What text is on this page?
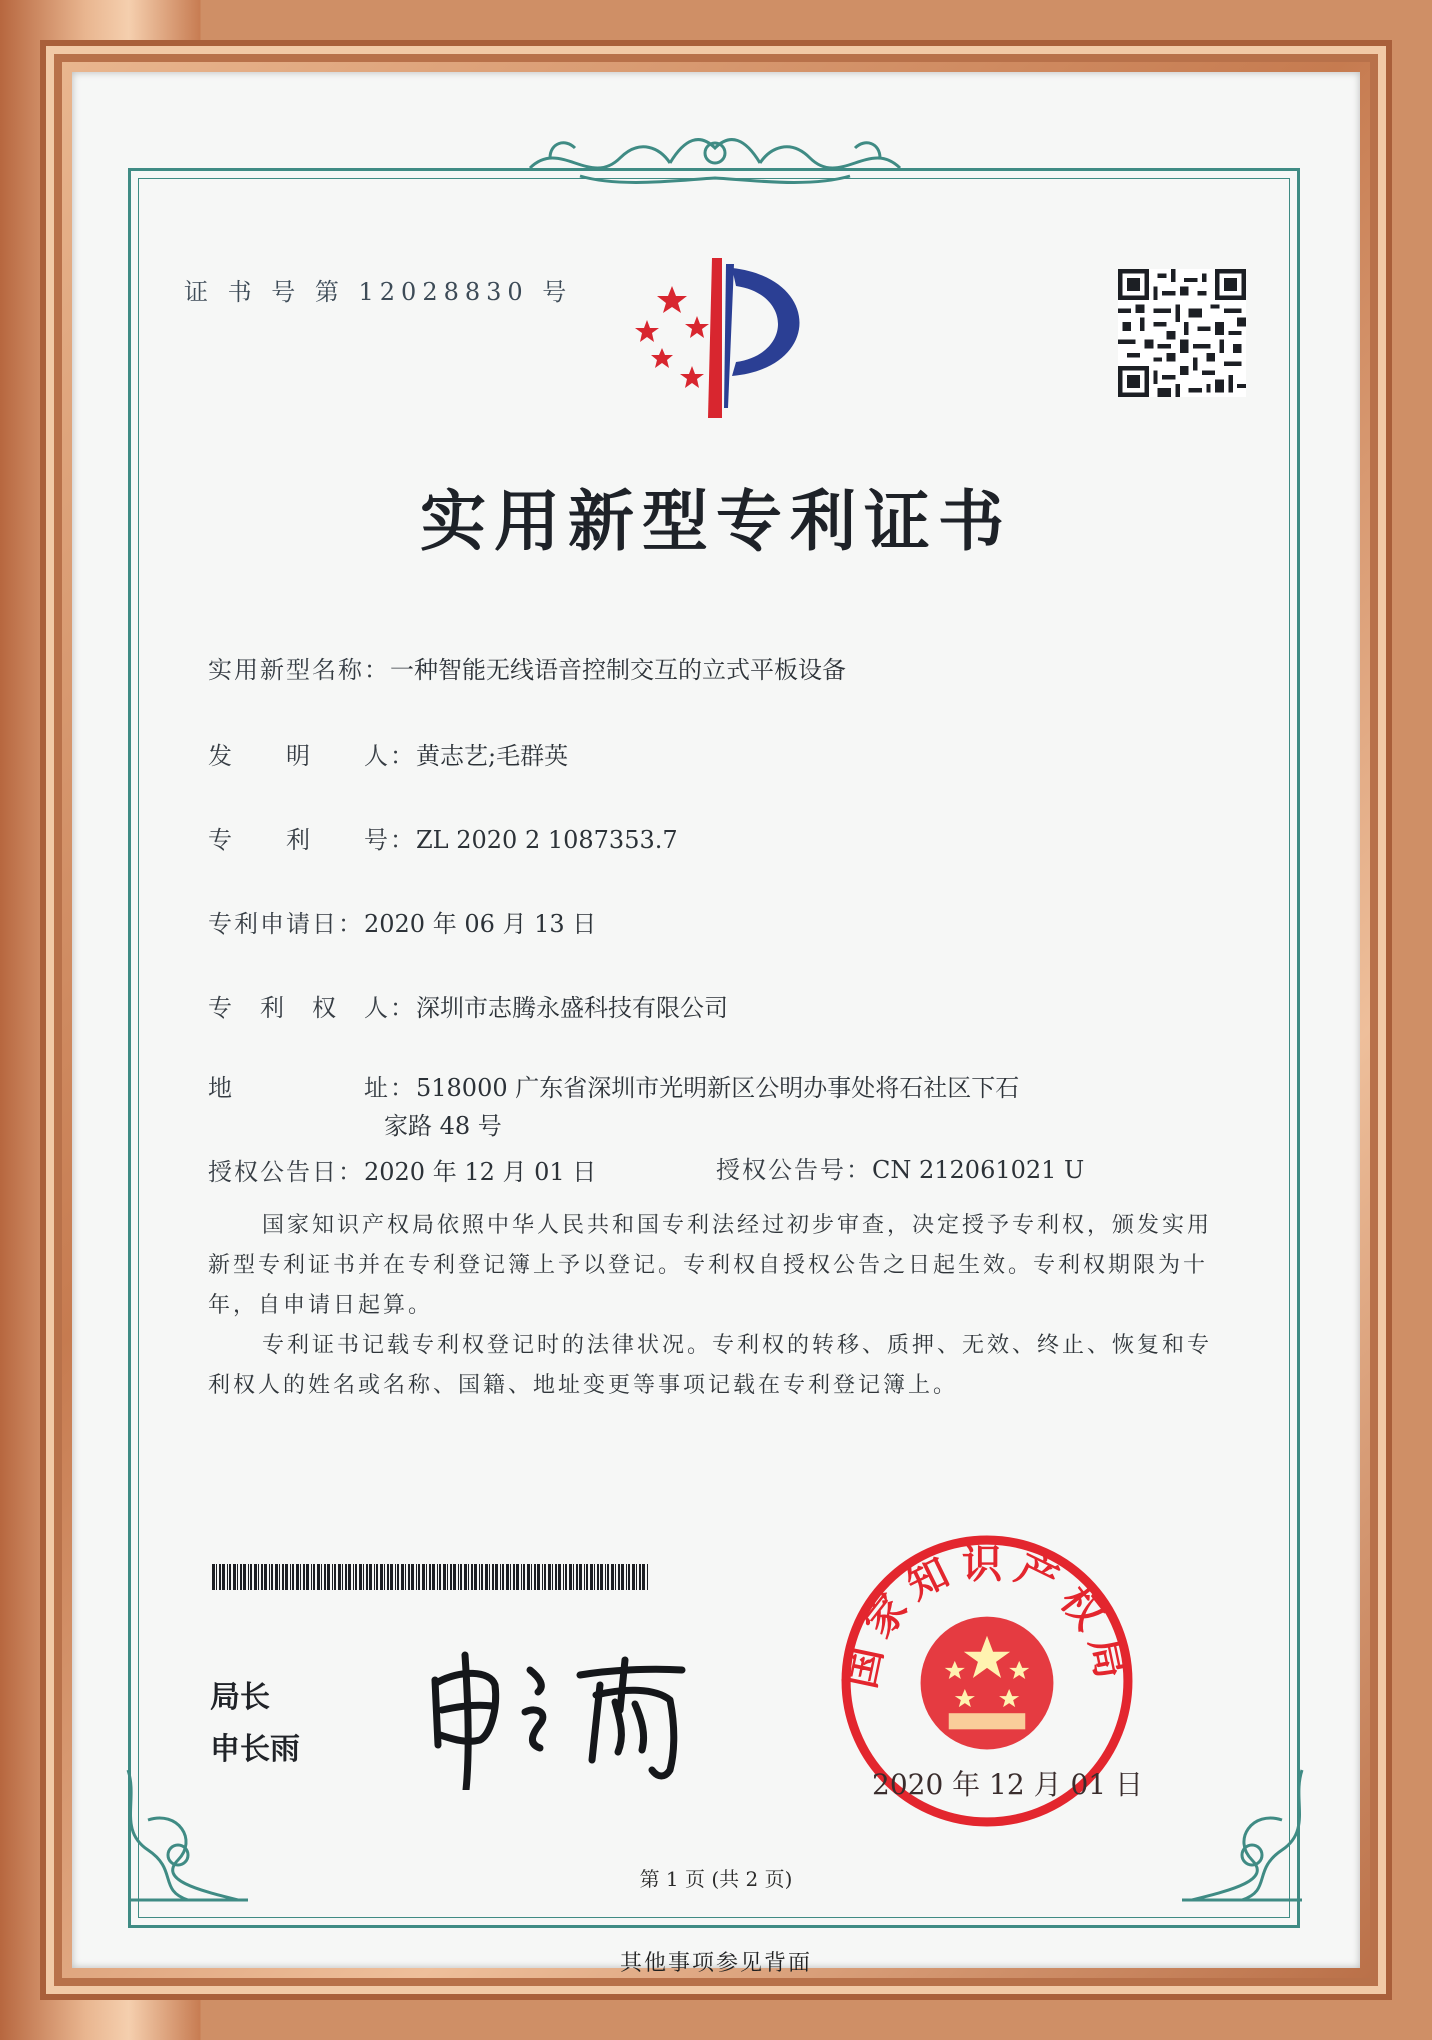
证 书 号 第 12028830 号
实用新型专利证书
实用新型名称：一种智能无线语音控制交互的立式平板设备
发　　明　　人：黄志艺;毛群英
专　　利　　号：ZL 2020 2 1087353.7
专利申请日：2020 年 06 月 13 日
专　利　权　人：深圳市志腾永盛科技有限公司
地　　　　　址：518000 广东省深圳市光明新区公明办事处将石社区下石
家路 48 号
授权公告日：2020 年 12 月 01 日	授权公告号：CN 212061021 U
国家知识产权局依照中华人民共和国专利法经过初步审查，决定授予专利权，颁发实用
新型专利证书并在专利登记簿上予以登记。专利权自授权公告之日起生效。专利权期限为十
年，自申请日起算。
专利证书记载专利权登记时的法律状况。专利权的转移、质押、无效、终止、恢复和专
利权人的姓名或名称、国籍、地址变更等事项记载在专利登记簿上。
局长
申长雨
国家知识产权局
2020 年 12 月 01 日
第 1 页 (共 2 页)
其他事项参见背面
